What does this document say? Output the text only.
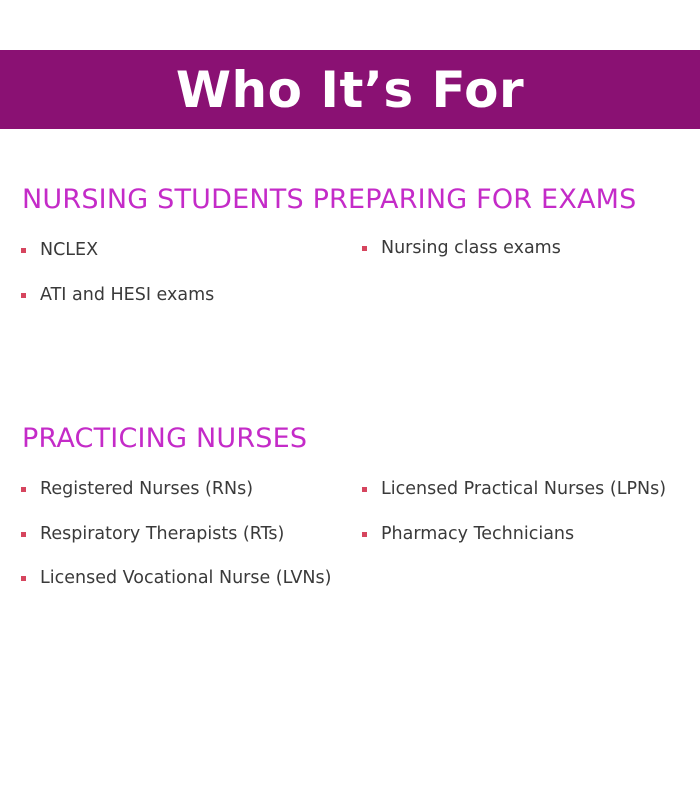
Who It’s For
NURSING STUDENTS PREPARING FOR EXAMS
NCLEX
ATI and HESI exams
Nursing class exams
PRACTICING NURSES
Registered Nurses (RNs)
Respiratory Therapists (RTs)
Licensed Vocational Nurse (LVNs)
Licensed Practical Nurses (LPNs)
Pharmacy Technicians
